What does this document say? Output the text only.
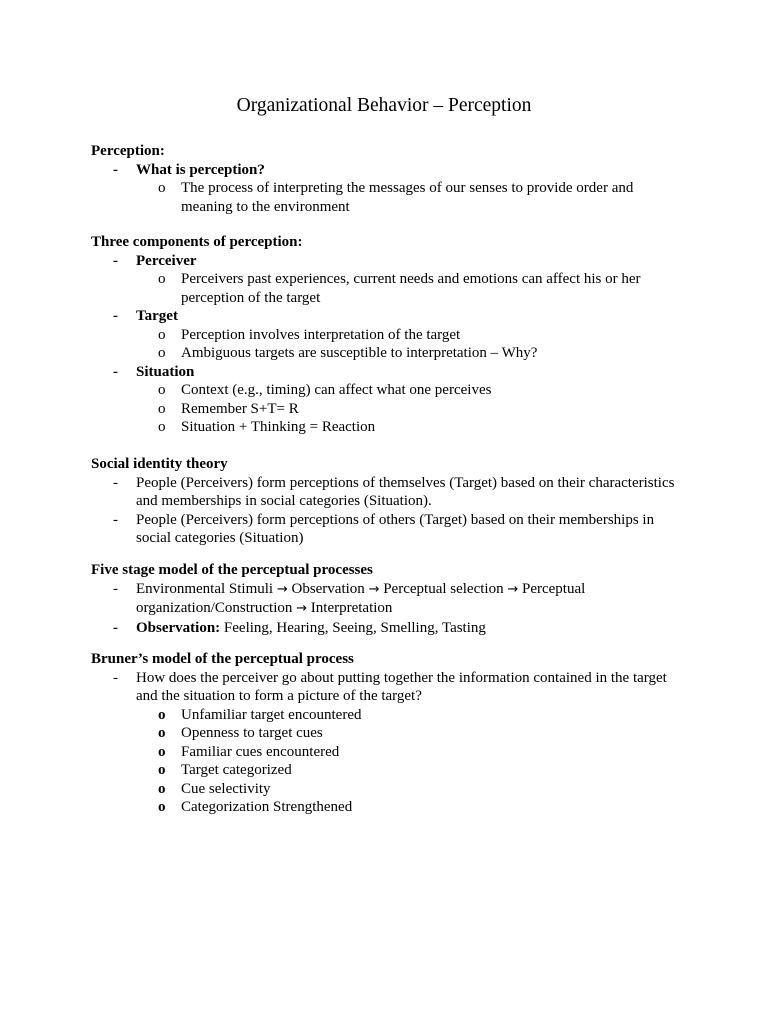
Organizational Behavior – Perception
Perception:
- What is perception?
o The process of interpreting the messages of our senses to provide order and
meaning to the environment
Three components of perception:
- Perceiver
o Perceivers past experiences, current needs and emotions can affect his or her
perception of the target
- Target
o Perception involves interpretation of the target
o Ambiguous targets are susceptible to interpretation – Why?
- Situation
o Context (e.g., timing) can affect what one perceives
o Remember S+T= R
o Situation + Thinking = Reaction
Social identity theory
- People (Perceivers) form perceptions of themselves (Target) based on their characteristics
and memberships in social categories (Situation).
- People (Perceivers) form perceptions of others (Target) based on their memberships in
social categories (Situation)
Five stage model of the perceptual processes
- Environmental Stimuli → Observation → Perceptual selection → Perceptual
organization/Construction → Interpretation
- Observation: Feeling, Hearing, Seeing, Smelling, Tasting
Bruner’s model of the perceptual process
- How does the perceiver go about putting together the information contained in the target
and the situation to form a picture of the target?
o Unfamiliar target encountered
o Openness to target cues
o Familiar cues encountered
o Target categorized
o Cue selectivity
o Categorization Strengthened
